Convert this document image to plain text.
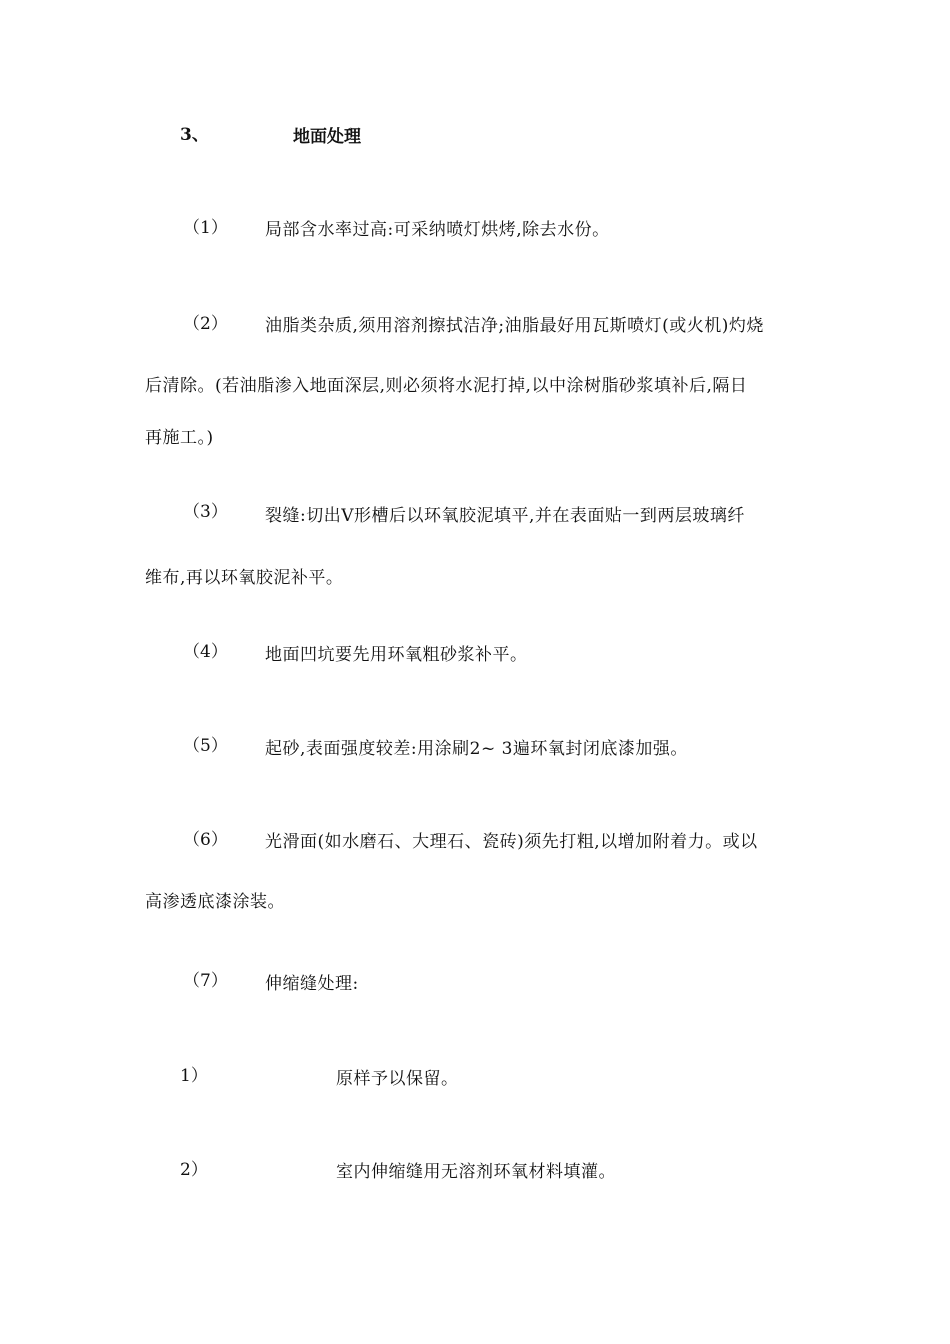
3、	地面处理
（1） 局部含水率过高:可采纳喷灯烘烤,除去水份。
（2） 油脂类杂质,须用溶剂擦拭洁净;油脂最好用瓦斯喷灯(或火机)灼烧
后清除。(若油脂渗入地面深层,则必须将水泥打掉,以中涂树脂砂浆填补后,隔日
再施工。)
（3） 裂缝:切出V形槽后以环氧胶泥填平,并在表面贴一到两层玻璃纤
维布,再以环氧胶泥补平。
（4） 地面凹坑要先用环氧粗砂浆补平。
（5） 起砂,表面强度较差:用涂刷2~ 3遍环氧封闭底漆加强。
（6） 光滑面(如水磨石、大理石、瓷砖)须先打粗,以增加附着力。或以
高渗透底漆涂装。
（7） 伸缩缝处理:
1）	原样予以保留。
2）	室内伸缩缝用无溶剂环氧材料填灌。
